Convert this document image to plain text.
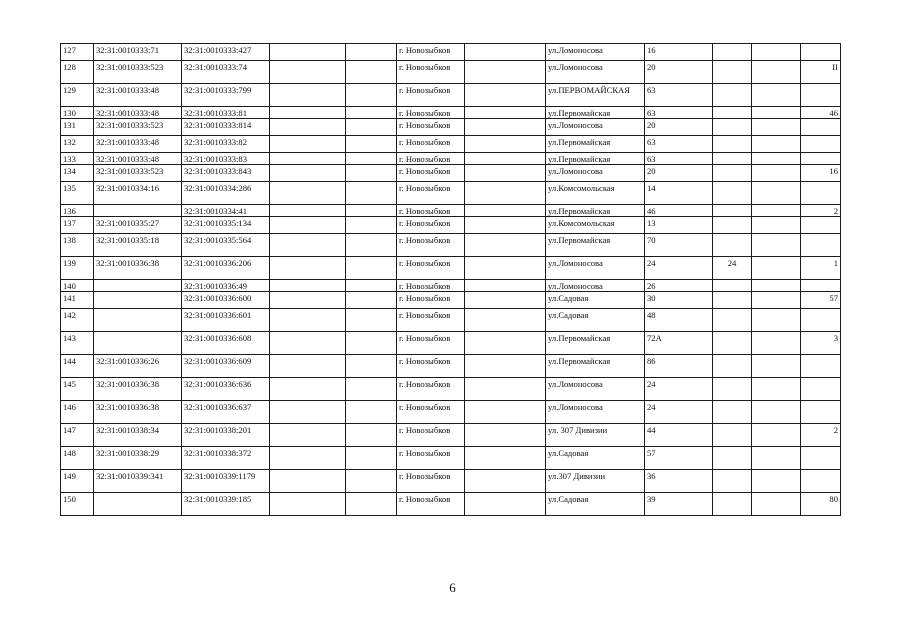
127	32:31:0010333:71	32:31:0010333:427			г. Новозыбков		ул.Ломоносова	16			
128	32:31:0010333:523	32:31:0010333:74			г. Новозыбков		ул.Ломоносова	20			II
129	32:31:0010333:48	32:31:0010333:799			г. Новозыбков		ул.ПЕРВОМАЙСКАЯ	63			
130	32:31:0010333:48	32:31:0010333:81			г. Новозыбков		ул.Первомайская	63			46
131	32:31:0010333:523	32:31:0010333:814			г. Новозыбков		ул.Ломоносова	20			
132	32:31:0010333:48	32:31:0010333:82			г. Новозыбков		ул.Первомайская	63			
133	32:31:0010333:48	32:31:0010333:83			г. Новозыбков		ул.Первомайская	63			
134	32:31:0010333:523	32:31:0010333:843			г. Новозыбков		ул.Ломоносова	20			16
135	32:31:0010334:16	32:31:0010334:286			г. Новозыбков		ул.Комсомольская	14			
136		32:31:0010334:41			г. Новозыбков		ул.Первомайская	46			2
137	32:31:0010335:27	32:31:0010335:134			г. Новозыбков		ул.Комсомольская	13			
138	32:31:0010335:18	32:31:0010335:564			г. Новозыбков		ул.Первомайская	70			
139	32:31:0010336:38	32:31:0010336:206			г. Новозыбков		ул.Ломоносова	24	24		1
140		32:31:0010336:49			г. Новозыбков		ул.Ломоносова	26			
141		32:31:0010336:600			г. Новозыбков		ул.Садовая	30			57
142		32:31:0010336:601			г. Новозыбков		ул.Садовая	48			
143		32:31:0010336:608			г. Новозыбков		ул.Первомайская	72А			3
144	32:31:0010336:26	32:31:0010336:609			г. Новозыбков		ул.Первомайская	86			
145	32:31:0010336:38	32:31:0010336:636			г. Новозыбков		ул.Ломоносова	24			
146	32:31:0010336:38	32:31:0010336:637			г. Новозыбков		ул.Ломоносова	24			
147	32:31:0010338:34	32:31:0010338:201			г. Новозыбков		ул. 307 Дивизии	44			2
148	32:31:0010338:29	32:31:0010338:372			г. Новозыбков		ул.Садовая	57			
149	32:31:0010339:341	32:31:0010339:1179			г. Новозыбков		ул.307 Дивизии	36			
150		32:31:0010339:185			г. Новозыбков		ул.Садовая	39			80
6
